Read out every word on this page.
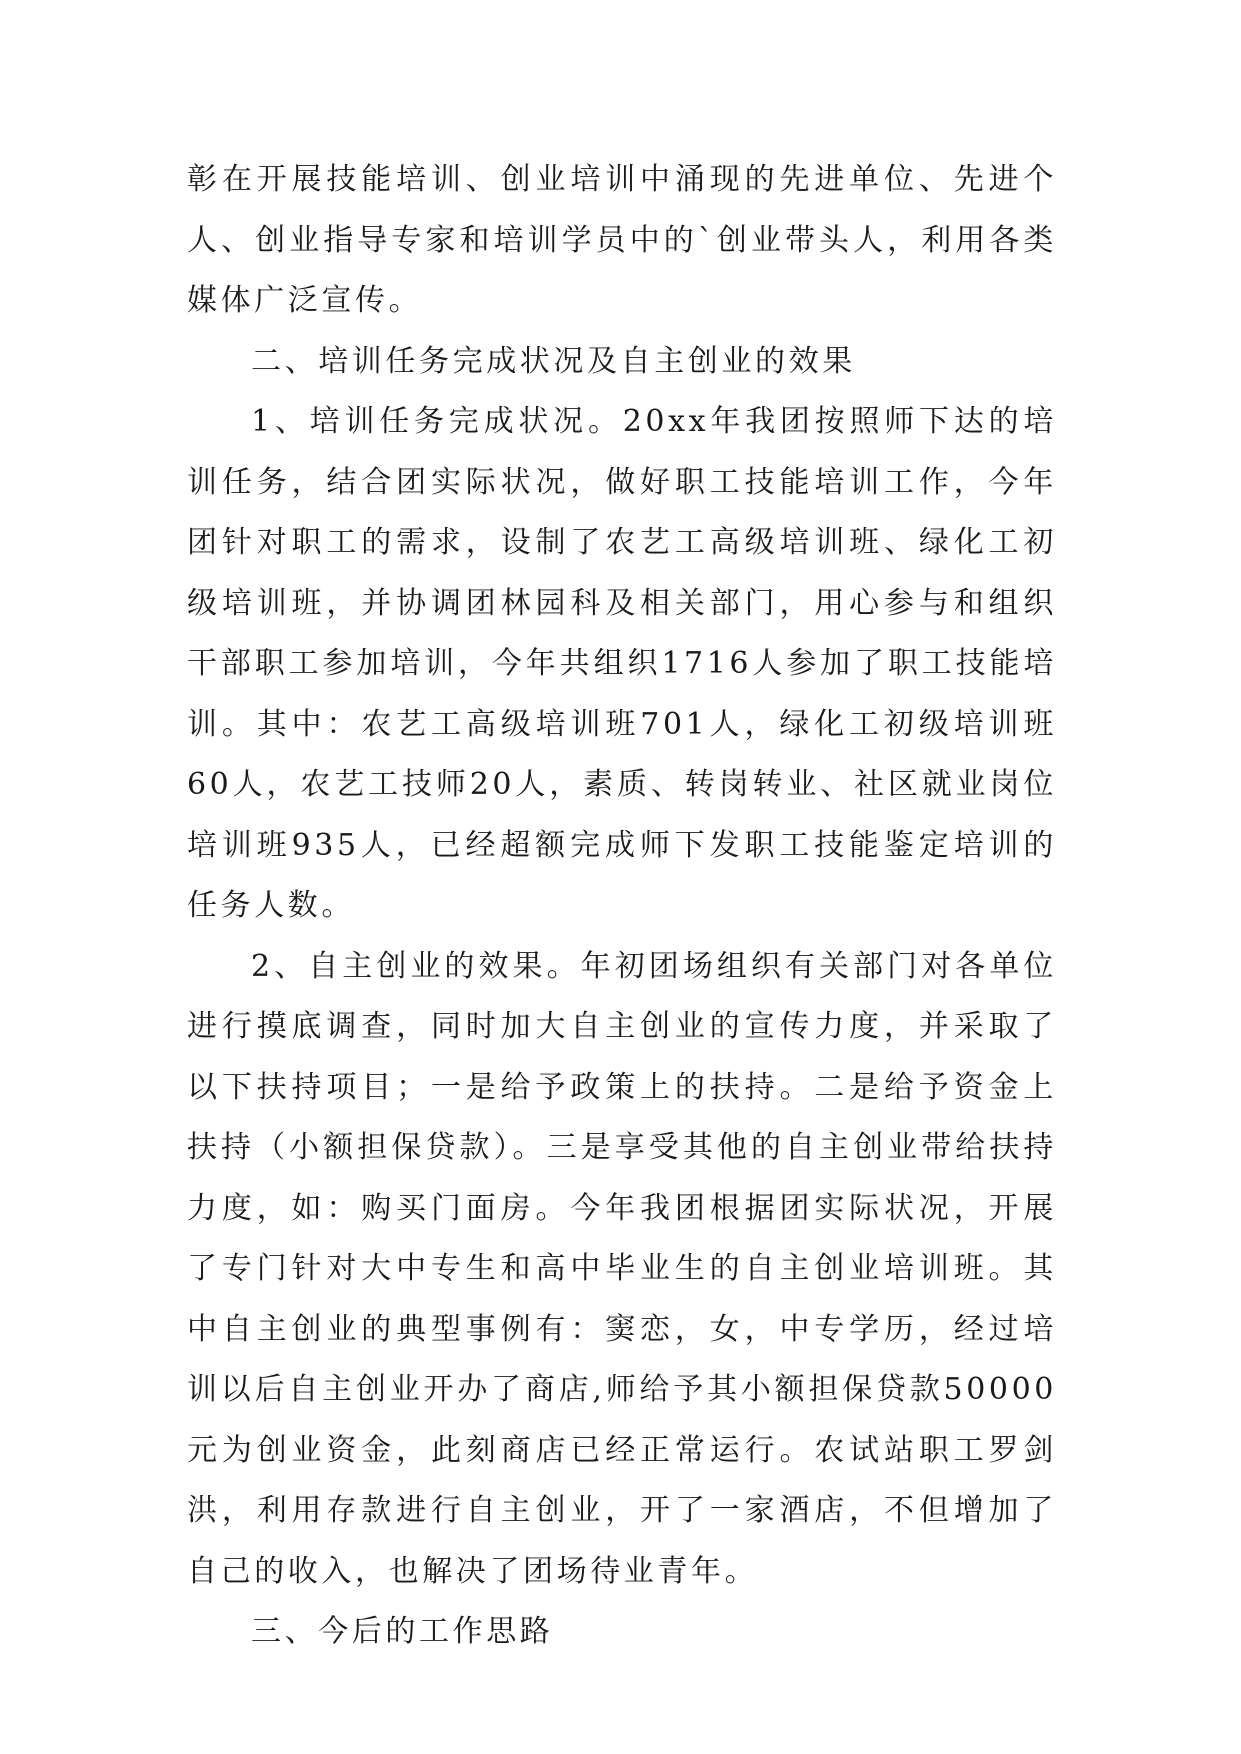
彰在开展技能培训、创业培训中涌现的先进单位、先进个人、创业指导专家和培训学员中的`创业带头人，利用各类媒体广泛宣传。

二、培训任务完成状况及自主创业的效果

1、培训任务完成状况。20xx年我团按照师下达的培训任务，结合团实际状况，做好职工技能培训工作，今年团针对职工的需求，设制了农艺工高级培训班、绿化工初级培训班，并协调团林园科及相关部门，用心参与和组织干部职工参加培训，今年共组织1716人参加了职工技能培训。其中：农艺工高级培训班701人，绿化工初级培训班60人，农艺工技师20人，素质、转岗转业、社区就业岗位培训班935人，已经超额完成师下发职工技能鉴定培训的任务人数。

2、自主创业的效果。年初团场组织有关部门对各单位进行摸底调查，同时加大自主创业的宣传力度，并采取了以下扶持项目；一是给予政策上的扶持。二是给予资金上扶持（小额担保贷款）。三是享受其他的自主创业带给扶持力度，如：购买门面房。今年我团根据团实际状况，开展了专门针对大中专生和高中毕业生的自主创业培训班。其中自主创业的典型事例有：窦恋，女，中专学历，经过培训以后自主创业开办了商店,师给予其小额担保贷款50000元为创业资金，此刻商店已经正常运行。农试站职工罗剑洪，利用存款进行自主创业，开了一家酒店，不但增加了自己的收入，也解决了团场待业青年。

三、今后的工作思路
